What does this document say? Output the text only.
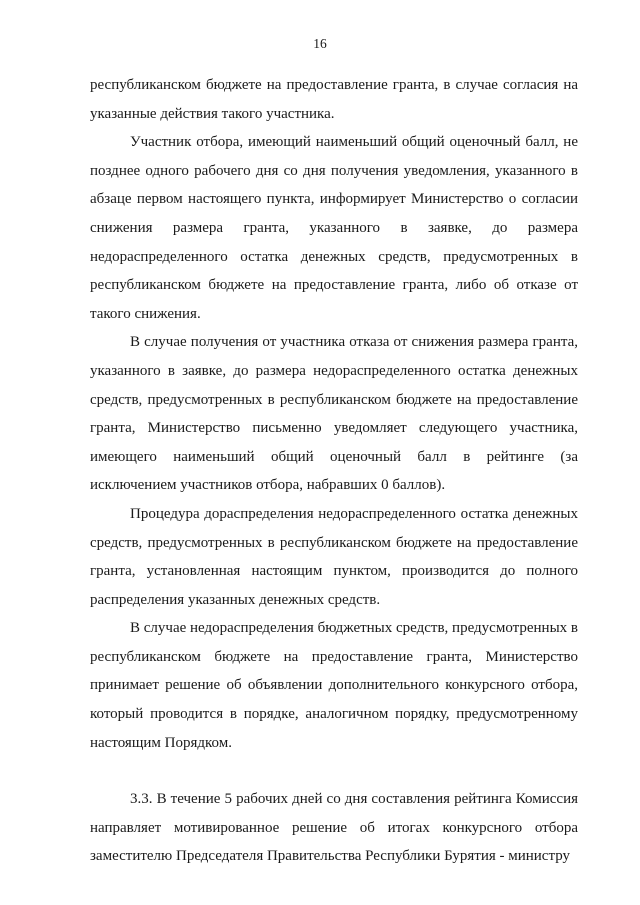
16

республиканском бюджете на предоставление гранта, в случае согласия на указанные действия такого участника.

Участник отбора, имеющий наименьший общий оценочный балл, не позднее одного рабочего дня со дня получения уведомления, указанного в абзаце первом настоящего пункта, информирует Министерство о согласии снижения размера гранта, указанного в заявке, до размера недораспределенного остатка денежных средств, предусмотренных в республиканском бюджете на предоставление гранта, либо об отказе от такого снижения.

В случае получения от участника отказа от снижения размера гранта, указанного в заявке, до размера недораспределенного остатка денежных средств, предусмотренных в республиканском бюджете на предоставление гранта, Министерство письменно уведомляет следующего участника, имеющего наименьший общий оценочный балл в рейтинге (за исключением участников отбора, набравших 0 баллов).

Процедура дораспределения недораспределенного остатка денежных средств, предусмотренных в республиканском бюджете на предоставление гранта, установленная настоящим пунктом, производится до полного распределения указанных денежных средств.

В случае недораспределения бюджетных средств, предусмотренных в республиканском бюджете на предоставление гранта, Министерство принимает решение об объявлении дополнительного конкурсного отбора, который проводится в порядке, аналогичном порядку, предусмотренному настоящим Порядком.

3.3. В течение 5 рабочих дней со дня составления рейтинга Комиссия направляет мотивированное решение об итогах конкурсного отбора заместителю Председателя Правительства Республики Бурятия - министру
